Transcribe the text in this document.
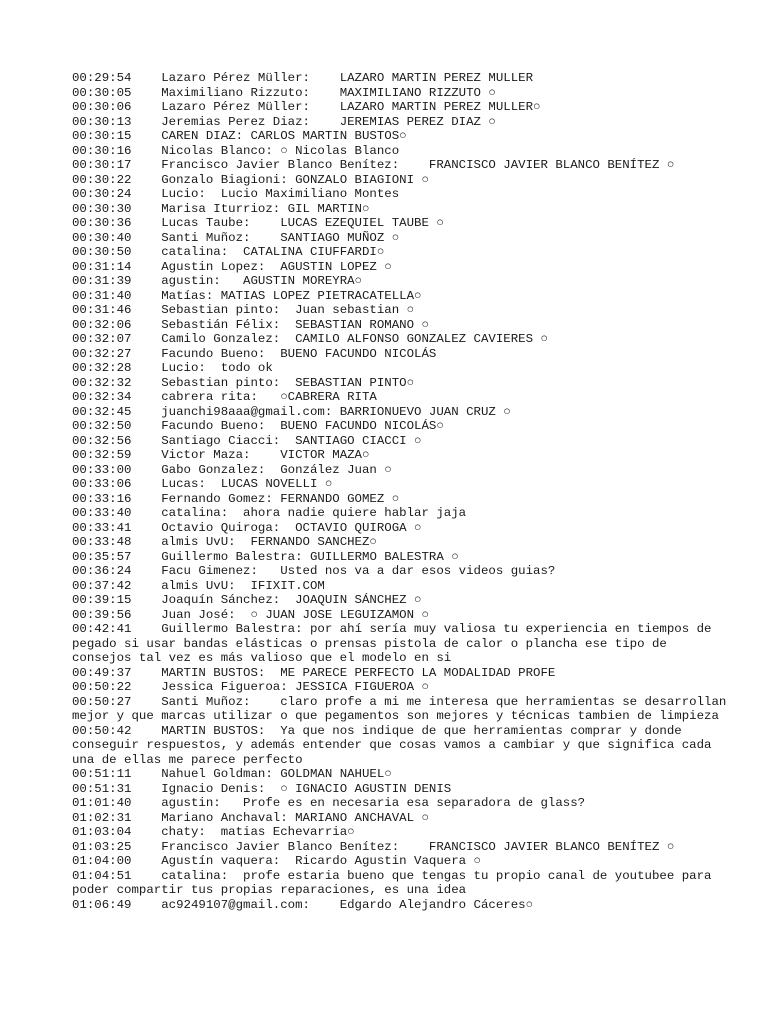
00:29:54	Lazaro Pérez Müller:	LAZARO MARTIN PEREZ MULLER
00:30:05	Maximiliano Rizzuto:	MAXIMILIANO RIZZUTO ○
00:30:06	Lazaro Pérez Müller:	LAZARO MARTIN PEREZ MULLER○
00:30:13	Jeremias Perez Diaz:	JEREMIAS PEREZ DIAZ ○
00:30:15	CAREN DIAZ: CARLOS MARTIN BUSTOS○
00:30:16	Nicolas Blanco:	○ Nicolas Blanco
00:30:17	Francisco Javier Blanco Benítez:	FRANCISCO JAVIER BLANCO BENÍTEZ ○
00:30:22	Gonzalo Biagioni: GONZALO BIAGIONI ○
00:30:24	Lucio:	Lucio Maximiliano Montes
00:30:30	Marisa Iturrioz: GIL MARTIN○
00:30:36	Lucas Taube:	LUCAS EZEQUIEL TAUBE ○
00:30:40	Santi Muñoz:	SANTIAGO MUÑOZ ○
00:30:50	catalina:  CATALINA CIUFFARDI○
00:31:14	Agustin Lopez:	AGUSTIN LOPEZ ○
00:31:39	agustin:   AGUSTIN MOREYRA○
00:31:40	Matías:	MATIAS LOPEZ PIETRACATELLA○
00:31:46	Sebastian pinto:  Juan sebastian ○
00:32:06	Sebastián Félix:  SEBASTIAN ROMANO ○
00:32:07	Camilo Gonzalez:  CAMILO ALFONSO GONZALEZ CAVIERES ○
00:32:27	Facundo Bueno:	BUENO FACUNDO NICOLÁS
00:32:28	Lucio:	todo ok
00:32:32	Sebastian pinto:  SEBASTIAN PINTO○
00:32:34	cabrera rita:	○CABRERA RITA
00:32:45	juanchi98aaa@gmail.com: BARRIONUEVO JUAN CRUZ ○
00:32:50	Facundo Bueno:	BUENO FACUNDO NICOLÁS○
00:32:56	Santiago Ciacci:  SANTIAGO CIACCI ○
00:32:59	Victor Maza:	VICTOR MAZA○
00:33:00	Gabo Gonzalez:	González Juan ○
00:33:06	Lucas:	LUCAS NOVELLI ○
00:33:16	Fernando Gomez:	FERNANDO GOMEZ ○
00:33:40	catalina:  ahora nadie quiere hablar jaja
00:33:41	Octavio Quiroga:  OCTAVIO QUIROGA ○
00:33:48	almis UvU:  FERNANDO SANCHEZ○
00:35:57	Guillermo Balestra:	GUILLERMO BALESTRA ○
00:36:24	Facu Gimenez:	Usted nos va a dar esos videos guias?
00:37:42	almis UvU:  IFIXIT.COM
00:39:15	Joaquín Sánchez:  JOAQUIN SÁNCHEZ ○
00:39:56	Juan José:  ○ JUAN JOSE LEGUIZAMON ○
00:42:41	Guillermo Balestra:	por ahí sería muy valiosa tu experiencia en tiempos de pegado si usar bandas elásticas o prensas pistola de calor o plancha ese tipo de consejos tal vez es más valioso que el modelo en si
00:49:37	MARTIN BUSTOS:	ME PARECE PERFECTO LA MODALIDAD PROFE
00:50:22	Jessica Figueroa: JESSICA FIGUEROA ○
00:50:27	Santi Muñoz:	claro profe a mi me interesa que herramientas se desarrollan mejor y que marcas utilizar o que pegamentos son mejores y técnicas tambien de limpieza
00:50:42	MARTIN BUSTOS:	Ya que nos indique de que herramientas comprar y donde conseguir respuestos, y además entender que cosas vamos a cambiar y que significa cada una de ellas me parece perfecto
00:51:11	Nahuel Goldman:	GOLDMAN NAHUEL○
00:51:31	Ignacio Denis:	○ IGNACIO AGUSTIN DENIS
01:01:40	agustin:   Profe es en necesaria esa separadora de glass?
01:02:31	Mariano Anchaval: MARIANO ANCHAVAL ○
01:03:04	chaty:	matias Echevarria○
01:03:25	Francisco Javier Blanco Benítez:	FRANCISCO JAVIER BLANCO BENÍTEZ ○
01:04:00	Agustín vaquera:  Ricardo Agustin Vaquera ○
01:04:51	catalina:  profe estaria bueno que tengas tu propio canal de youtubee para poder compartir tus propias reparaciones, es una idea
01:06:49	ac9249107@gmail.com:	Edgardo Alejandro Cáceres○
